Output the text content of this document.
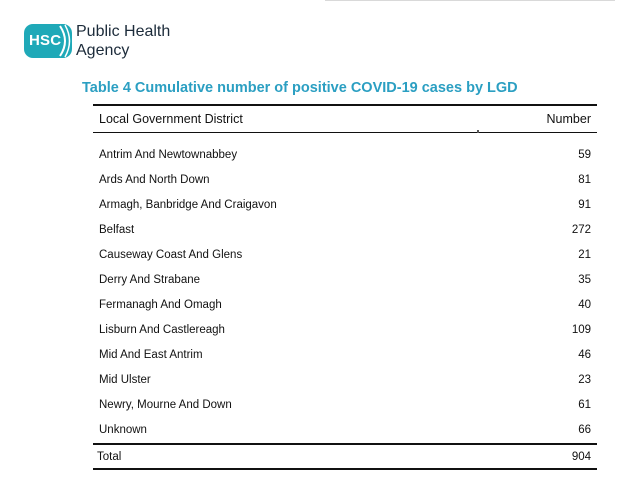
HSC
Public Health
Agency
Table 4 Cumulative number of positive COVID-19 cases by LGD
Local Government District	Number
Antrim And Newtownabbey	59
Ards And North Down	81
Armagh, Banbridge And Craigavon	91
Belfast	272
Causeway Coast And Glens	21
Derry And Strabane	35
Fermanagh And Omagh	40
Lisburn And Castlereagh	109
Mid And East Antrim	46
Mid Ulster	23
Newry, Mourne And Down	61
Unknown	66
Total	904
